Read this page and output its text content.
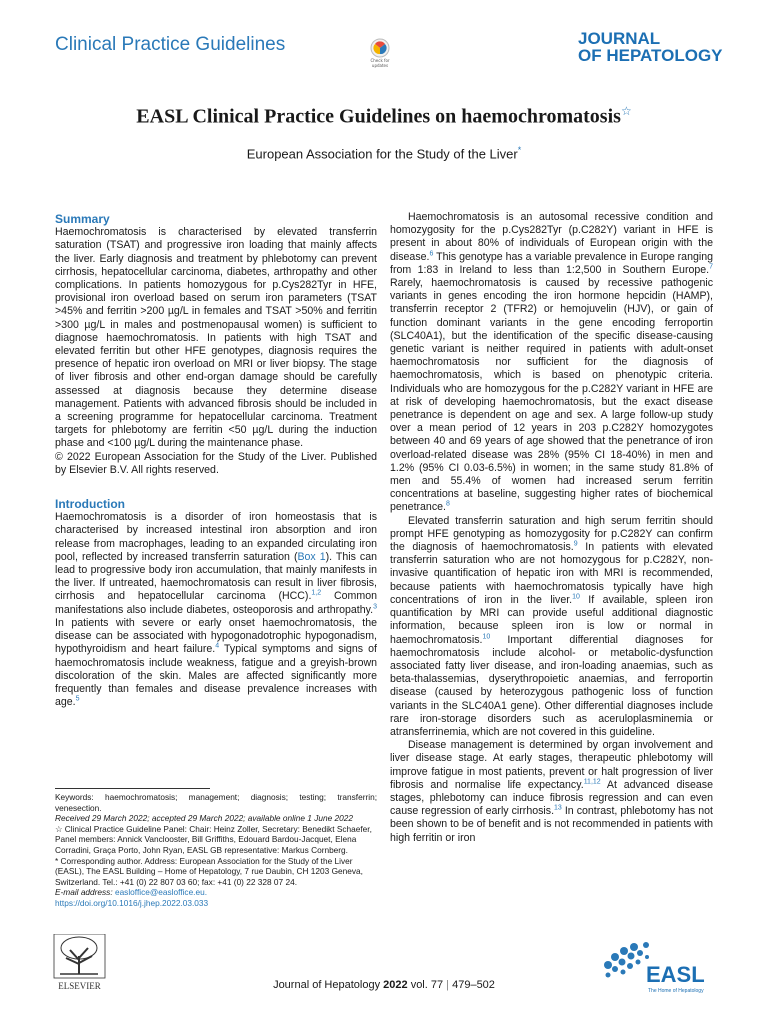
Clinical Practice Guidelines
Check for
updates
JOURNAL
OF HEPATOLOGY
EASL Clinical Practice Guidelines on haemochromatosis☆
European Association for the Study of the Liver*
Summary

Haemochromatosis is characterised by elevated transferrin saturation (TSAT) and progressive iron loading that mainly affects the liver. Early diagnosis and treatment by phlebotomy can prevent cirrhosis, hepatocellular carcinoma, diabetes, arthropathy and other complications. In patients homozygous for p.Cys282Tyr in HFE, provisional iron overload based on serum iron parameters (TSAT >45% and ferritin >200 µg/L in females and TSAT >50% and ferritin >300 µg/L in males and postmenopausal women) is sufficient to diagnose haemochromatosis. In patients with high TSAT and elevated ferritin but other HFE genotypes, diagnosis requires the presence of hepatic iron overload on MRI or liver biopsy. The stage of liver fibrosis and other end-organ damage should be carefully assessed at diagnosis because they determine disease management. Patients with advanced fibrosis should be included in a screening programme for hepatocellular carcinoma. Treatment targets for phlebotomy are ferritin <50 µg/L during the induction phase and <100 µg/L during the maintenance phase.

© 2022 European Association for the Study of the Liver. Published by Elsevier B.V. All rights reserved.

Introduction

Haemochromatosis is a disorder of iron homeostasis that is characterised by increased intestinal iron absorption and iron release from macrophages, leading to an expanded circulating iron pool, reflected by increased transferrin saturation (Box 1). This can lead to progressive body iron accumulation, that mainly manifests in the liver. If untreated, haemochromatosis can result in liver fibrosis, cirrhosis and hepatocellular carcinoma (HCC).$^{1,2}$ Common manifestations also include diabetes, osteoporosis and arthropathy.$^3$ In patients with severe or early onset haemochromatosis, the disease can be associated with hypogonadotrophic hypogonadism, hypothyroidism and heart failure.$^4$ Typical symptoms and signs of haemochromatosis include weakness, fatigue and a greyish-brown discoloration of the skin. Males are affected significantly more frequently than females and disease prevalence increases with age.$^5$

Keywords: haemochromatosis; management; diagnosis; testing; transferrin; venesection.

Received 29 March 2022; accepted 29 March 2022; available online 1 June 2022

☆ Clinical Practice Guideline Panel: Chair: Heinz Zoller, Secretary: Benedikt Schaefer, Panel members: Annick Vanclooster, Bill Griffiths, Edouard Bardou-Jacquet, Elena Corradini, Graça Porto, John Ryan, EASL GB representative: Markus Cornberg.

* Corresponding author. Address: European Association for the Study of the Liver (EASL), The EASL Building – Home of Hepatology, 7 rue Daubin, CH 1203 Geneva, Switzerland. Tel.: +41 (0) 22 807 03 60; fax: +41 (0) 22 328 07 24.

E-mail address: easloffice@easloffice.eu.

https://doi.org/10.1016/j.jhep.2022.03.033

Haemochromatosis is an autosomal recessive condition and homozygosity for the p.Cys282Tyr (p.C282Y) variant in HFE is present in about 80% of individuals of European origin with the disease.$^6$ This genotype has a variable prevalence in Europe ranging from 1:83 in Ireland to less than 1:2,500 in Southern Europe.$^7$ Rarely, haemochromatosis is caused by recessive pathogenic variants in genes encoding the iron hormone hepcidin (HAMP), transferrin receptor 2 (TFR2) or hemojuvelin (HJV), or gain of function dominant variants in the gene encoding ferroportin (SLC40A1), but the identification of the specific disease-causing genetic variant is neither required in patients with adult-onset haemochromatosis nor sufficient for the diagnosis of haemochromatosis, which is based on phenotypic criteria. Individuals who are homozygous for the p.C282Y variant in HFE are at risk of developing haemochromatosis, but the exact disease penetrance is dependent on age and sex. A large follow-up study over a mean period of 12 years in 203 p.C282Y homozygotes between 40 and 69 years of age showed that the penetrance of iron overload-related disease was 28% (95% CI 18-40%) in men and 1.2% (95% CI 0.03-6.5%) in women; in the same study 81.8% of men and 55.4% of women had increased serum ferritin concentrations at baseline, suggesting higher rates of biochemical penetrance.$^8$

Elevated transferrin saturation and high serum ferritin should prompt HFE genotyping as homozygosity for p.C282Y can confirm the diagnosis of haemochromatosis.$^9$ In patients with elevated transferrin saturation who are not homozygous for p.C282Y, non-invasive quantification of hepatic iron with MRI is recommended, because patients with haemochromatosis typically have high concentrations of iron in the liver.$^{10}$ If available, spleen iron quantification by MRI can provide useful additional diagnostic information, because spleen iron is low or normal in haemochromatosis.$^{10}$ Important differential diagnoses for haemochromatosis include alcohol- or metabolic-dysfunction associated fatty liver disease, and iron-loading anaemias, such as beta-thalassemias, dyserythropoietic anaemias, and ferroportin disease (caused by heterozygous pathogenic loss of function variants in the SLC40A1 gene). Other differential diagnoses include rare iron-storage disorders such as aceruloplasminemia or atransferrinemia, which are not covered in this guideline.

Disease management is determined by organ involvement and liver disease stage. At early stages, therapeutic phlebotomy will improve fatigue in most patients, prevent or halt progression of liver fibrosis and normalise life expectancy.$^{11,12}$ At advanced disease stages, phlebotomy can induce fibrosis regression and can even cause regression of early cirrhosis.$^{13}$ In contrast, phlebotomy has not been shown to be of benefit and is not recommended in patients with high ferritin or iron

ELSEVIER	Journal of Hepatology 2022 vol. 77 | 479–502	EASL
The Home of Hepatology
